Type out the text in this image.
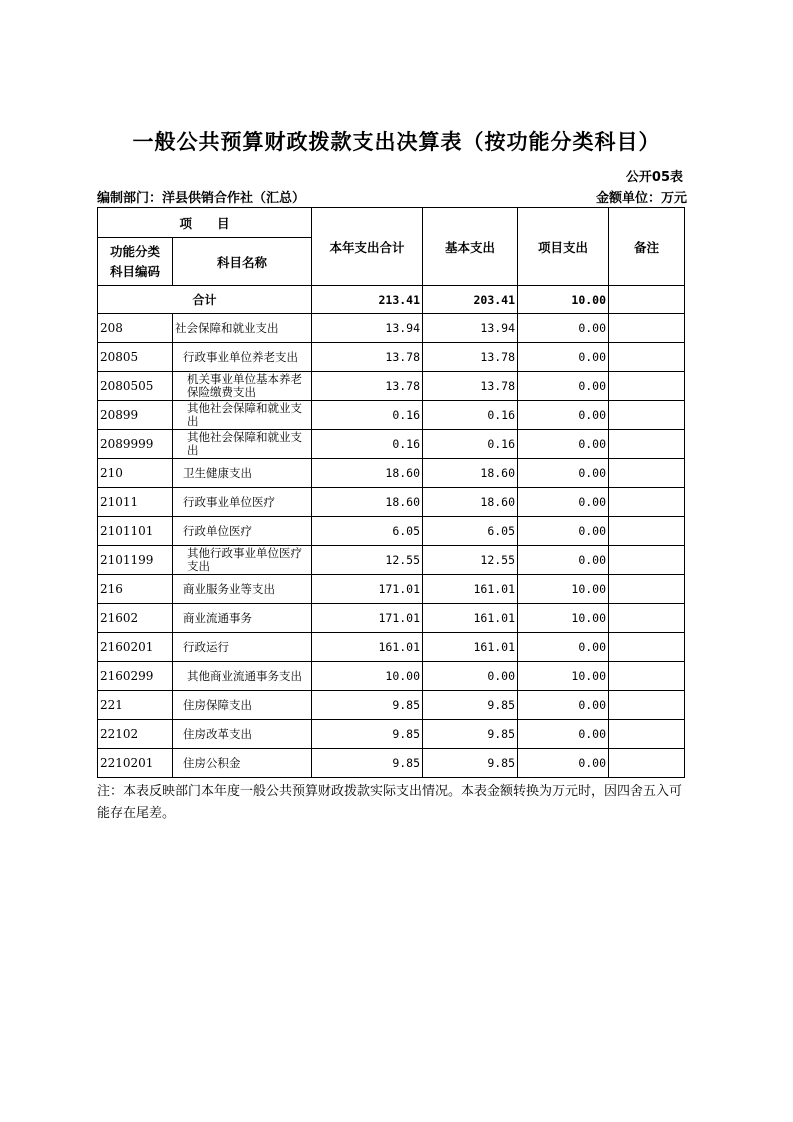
一般公共预算财政拨款支出决算表（按功能分类科目）
公开05表
编制部门：洋县供销合作社（汇总）	金额单位：万元
项　　目		本年支出合计	基本支出	项目支出	备注
功能分类
科目编码	科目名称				
合计		213.41	203.41	10.00	
208	社会保障和就业支出	13.94	13.94	0.00	
20805	行政事业单位养老支出	13.78	13.78	0.00	
2080505	机关事业单位基本养老保险缴费支出	13.78	13.78	0.00	
20899	其他社会保障和就业支出	0.16	0.16	0.00	
2089999	其他社会保障和就业支出	0.16	0.16	0.00	
210	卫生健康支出	18.60	18.60	0.00	
21011	行政事业单位医疗	18.60	18.60	0.00	
2101101	行政单位医疗	6.05	6.05	0.00	
2101199	其他行政事业单位医疗支出	12.55	12.55	0.00	
216	商业服务业等支出	171.01	161.01	10.00	
21602	商业流通事务	171.01	161.01	10.00	
2160201	行政运行	161.01	161.01	0.00	
2160299	其他商业流通事务支出	10.00	0.00	10.00	
221	住房保障支出	9.85	9.85	0.00	
22102	住房改革支出	9.85	9.85	0.00	
2210201	住房公积金	9.85	9.85	0.00	
注：本表反映部门本年度一般公共预算财政拨款实际支出情况。本表金额转换为万元时，因四舍五入可能存在尾差。
